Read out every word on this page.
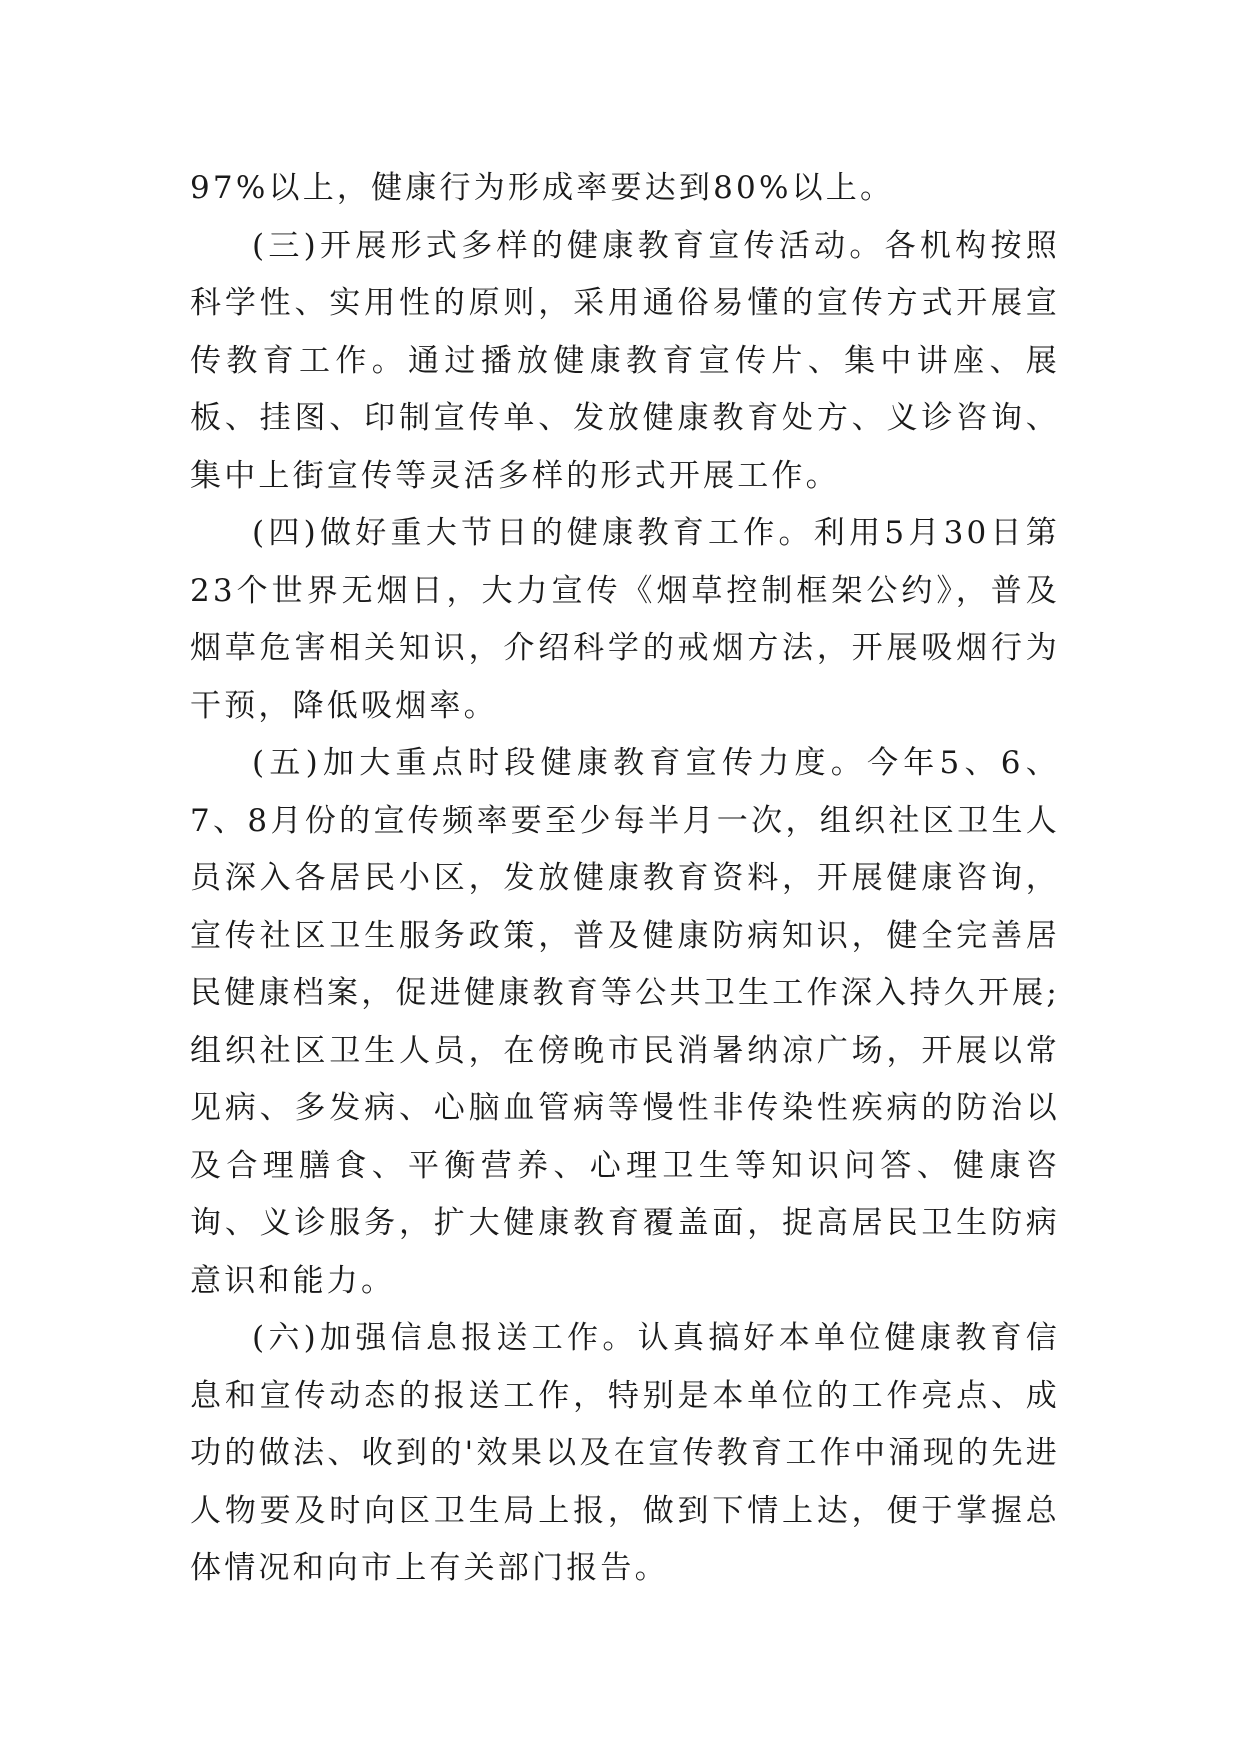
97%以上，健康行为形成率要达到80%以上。

(三)开展形式多样的健康教育宣传活动。各机构按照科学性、实用性的原则，采用通俗易懂的宣传方式开展宣传教育工作。通过播放健康教育宣传片、集中讲座、展板、挂图、印制宣传单、发放健康教育处方、义诊咨询、集中上街宣传等灵活多样的形式开展工作。

(四)做好重大节日的健康教育工作。利用5月30日第23个世界无烟日，大力宣传《烟草控制框架公约》，普及烟草危害相关知识，介绍科学的戒烟方法，开展吸烟行为干预，降低吸烟率。

(五)加大重点时段健康教育宣传力度。今年5、6、7、8月份的宣传频率要至少每半月一次，组织社区卫生人员深入各居民小区，发放健康教育资料，开展健康咨询，宣传社区卫生服务政策，普及健康防病知识，健全完善居民健康档案，促进健康教育等公共卫生工作深入持久开展;组织社区卫生人员，在傍晚市民消暑纳凉广场，开展以常见病、多发病、心脑血管病等慢性非传染性疾病的防治以及合理膳食、平衡营养、心理卫生等知识问答、健康咨询、义诊服务，扩大健康教育覆盖面，捉高居民卫生防病意识和能力。

(六)加强信息报送工作。认真搞好本单位健康教育信息和宣传动态的报送工作，特别是本单位的工作亮点、成功的做法、收到的'效果以及在宣传教育工作中涌现的先进人物要及时向区卫生局上报，做到下情上达，便于掌握总体情况和向市上有关部门报告。
